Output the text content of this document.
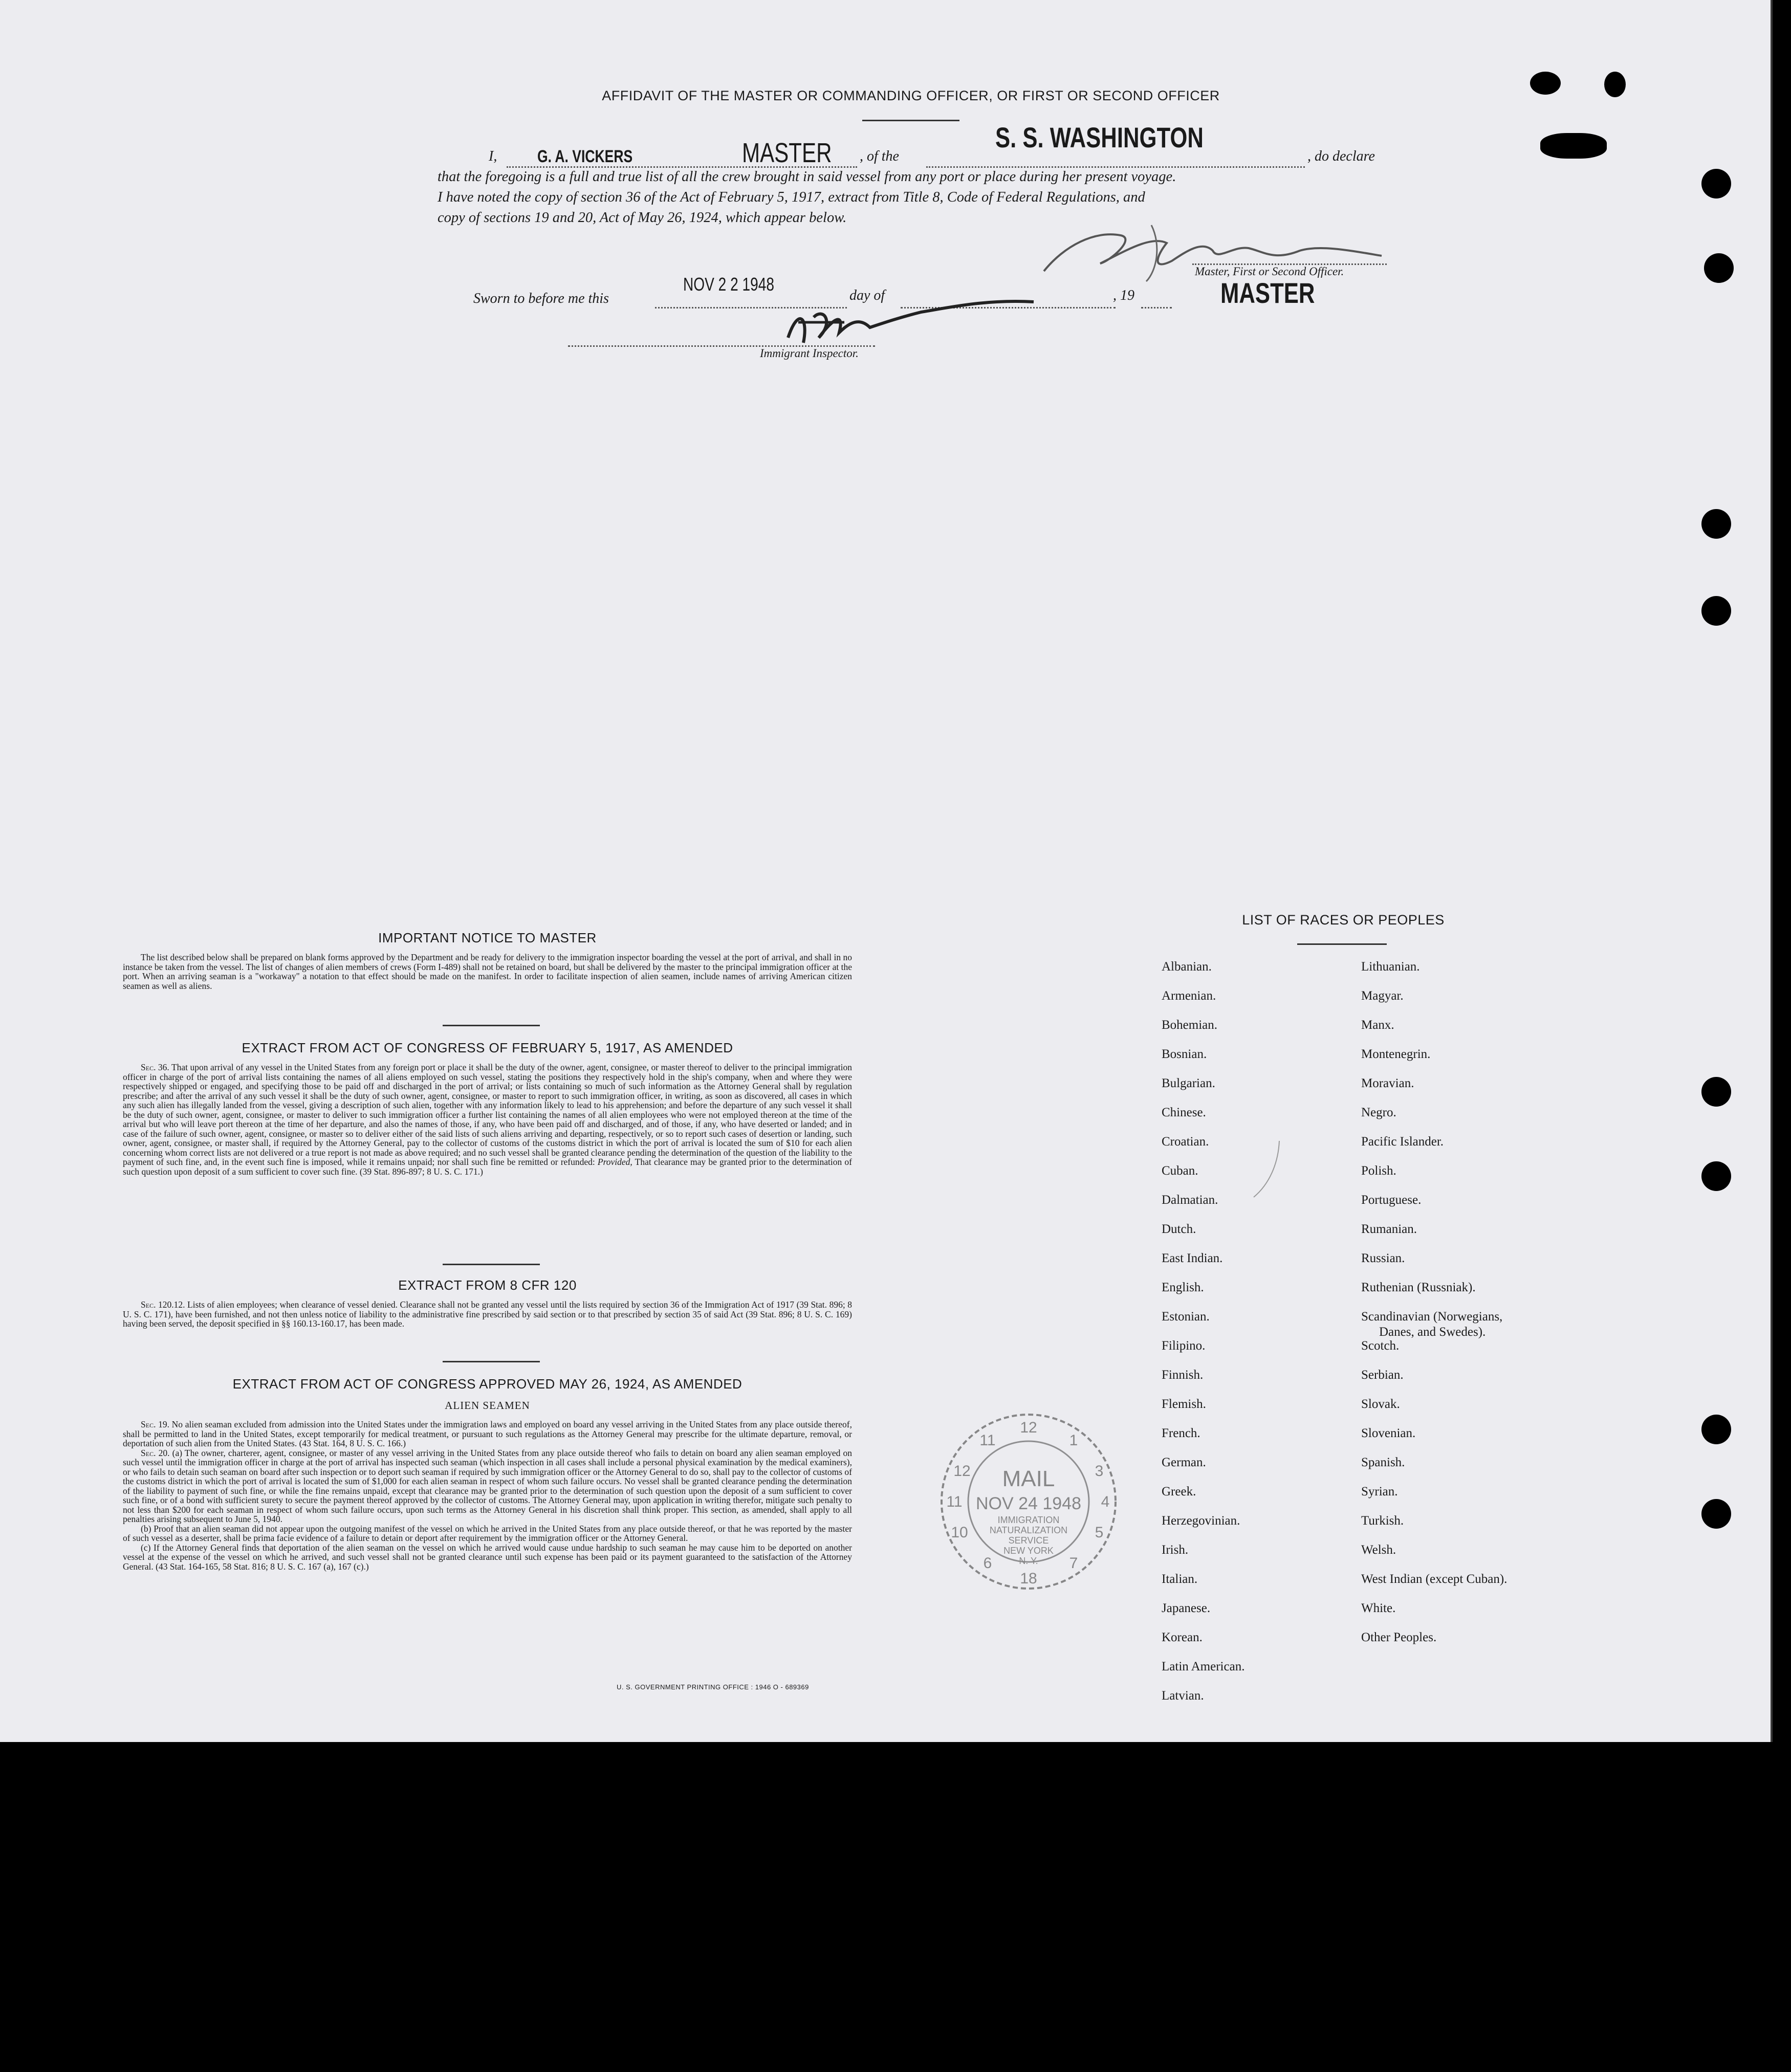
AFFIDAVIT OF THE MASTER OR COMMANDING OFFICER, OR FIRST OR SECOND OFFICER
I, G. A. VICKERS	MASTER , of the
S. S. WASHINGTON
, do declare
that the foregoing is a full and true list of all the crew brought in said vessel from any port or place during her present voyage.
I have noted the copy of section 36 of the Act of February 5, 1917, extract from Title 8, Code of Federal Regulations, and
copy of sections 19 and 20, Act of May 26, 1924, which appear below.
Master, First or Second Officer.
Sworn to before me this
NOV 2 2 1948
day of	, 19	MASTER
Immigrant Inspector.
IMPORTANT NOTICE TO MASTER

The list described below shall be prepared on blank forms approved by the Department and be ready for delivery to the immigration inspector boarding the vessel at the port of arrival, and shall in no instance be taken from the vessel. The list of changes of alien members of crews (Form I-489) shall not be retained on board, but shall be delivered by the master to the principal immigration officer at the port. When an arriving seaman is a "workaway" a notation to that effect should be made on the manifest. In order to facilitate inspection of alien seamen, include names of arriving American citizen seamen as well as aliens.

EXTRACT FROM ACT OF CONGRESS OF FEBRUARY 5, 1917, AS AMENDED

Sec. 36. That upon arrival of any vessel in the United States from any foreign port or place it shall be the duty of the owner, agent, consignee, or master thereof to deliver to the principal immigration officer in charge of the port of arrival lists containing the names of all aliens employed on such vessel, stating the positions they respectively hold in the ship's company, when and where they were respectively shipped or engaged, and specifying those to be paid off and discharged in the port of arrival; or lists containing so much of such information as the Attorney General shall by regulation prescribe; and after the arrival of any such vessel it shall be the duty of such owner, agent, consignee, or master to report to such immigration officer, in writing, as soon as discovered, all cases in which any such alien has illegally landed from the vessel, giving a description of such alien, together with any information likely to lead to his apprehension; and before the departure of any such vessel it shall be the duty of such owner, agent, consignee, or master to deliver to such immigration officer a further list containing the names of all alien employees who were not employed thereon at the time of the arrival but who will leave port thereon at the time of her departure, and also the names of those, if any, who have been paid off and discharged, and of those, if any, who have deserted or landed; and in case of the failure of such owner, agent, consignee, or master so to deliver either of the said lists of such aliens arriving and departing, respectively, or so to report such cases of desertion or landing, such owner, agent, consignee, or master shall, if required by the Attorney General, pay to the collector of customs of the customs district in which the port of arrival is located the sum of $10 for each alien concerning whom correct lists are not delivered or a true report is not made as above required; and no such vessel shall be granted clearance pending the determination of the question of the liability to the payment of such fine, and, in the event such fine is imposed, while it remains unpaid; nor shall such fine be remitted or refunded: Provided, That clearance may be granted prior to the determination of such question upon deposit of a sum sufficient to cover such fine. (39 Stat. 896-897; 8 U. S. C. 171.)

EXTRACT FROM 8 CFR 120

Sec. 120.12. Lists of alien employees; when clearance of vessel denied. Clearance shall not be granted any vessel until the lists required by section 36 of the Immigration Act of 1917 (39 Stat. 896; 8 U. S. C. 171), have been furnished, and not then unless notice of liability to the administrative fine prescribed by said section or to that prescribed by section 35 of said Act (39 Stat. 896; 8 U. S. C. 169) having been served, the deposit specified in §§ 160.13-160.17, has been made.

EXTRACT FROM ACT OF CONGRESS APPROVED MAY 26, 1924, AS AMENDED
ALIEN SEAMEN

Sec. 19. No alien seaman excluded from admission into the United States under the immigration laws and employed on board any vessel arriving in the United States from any place outside thereof, shall be permitted to land in the United States, except temporarily for medical treatment, or pursuant to such regulations as the Attorney General may prescribe for the ultimate departure, removal, or deportation of such alien from the United States. (43 Stat. 164, 8 U. S. C. 166.)

Sec. 20. (a) The owner, charterer, agent, consignee, or master of any vessel arriving in the United States from any place outside thereof who fails to detain on board any alien seaman employed on such vessel until the immigration officer in charge at the port of arrival has inspected such seaman (which inspection in all cases shall include a personal physical examination by the medical examiners), or who fails to detain such seaman on board after such inspection or to deport such seaman if required by such immigration officer or the Attorney General to do so, shall pay to the collector of customs of the customs district in which the port of arrival is located the sum of $1,000 for each alien seaman in respect of whom such failure occurs. No vessel shall be granted clearance pending the determination of the liability to payment of such fine, or while the fine remains unpaid, except that clearance may be granted prior to the determination of such question upon the deposit of a sum sufficient to cover such fine, or of a bond with sufficient surety to secure the payment thereof approved by the collector of customs. The Attorney General may, upon application in writing therefor, mitigate such penalty to not less than $200 for each seaman in respect of whom such failure occurs, upon such terms as the Attorney General in his discretion shall think proper. This section, as amended, shall apply to all penalties arising subsequent to June 5, 1940.

(b) Proof that an alien seaman did not appear upon the outgoing manifest of the vessel on which he arrived in the United States from any place outside thereof, or that he was reported by the master of such vessel as a deserter, shall be prima facie evidence of a failure to detain or deport after requirement by the immigration officer or the Attorney General.

(c) If the Attorney General finds that deportation of the alien seaman on the vessel on which he arrived would cause undue hardship to such seaman he may cause him to be deported on another vessel at the expense of the vessel on which he arrived, and such vessel shall not be granted clearance until such expense has been paid or its payment guaranteed to the satisfaction of the Attorney General. (43 Stat. 164-165, 58 Stat. 816; 8 U. S. C. 167 (a), 167 (c).)

U. S. GOVERNMENT PRINTING OFFICE : 1946 O - 689369
LIST OF RACES OR PEOPLES
Albanian.
Armenian.
Bohemian.
Bosnian.
Bulgarian.
Chinese.
Croatian.
Cuban.
Dalmatian.
Dutch.
East Indian.
English.
Estonian.
Filipino.
Finnish.
Flemish.
French.
German.
Greek.
Herzegovinian.
Irish.
Italian.
Japanese.
Korean.
Latin American.
Latvian.
Lithuanian.
Magyar.
Manx.
Montenegrin.
Moravian.
Negro.
Pacific Islander.
Polish.
Portuguese.
Rumanian.
Russian.
Ruthenian (Russniak).
Scandinavian (Norwegians,
Danes, and Swedes).
Scotch.
Serbian.
Slovak.
Slovenian.
Spanish.
Syrian.
Turkish.
Welsh.
West Indian (except Cuban).
White.
Other Peoples.
12
1
3
4
5
7
18
6
10
11
12
11
MAIL
NOV 24 1948
IMMIGRATION
NATURALIZATION
SERVICE
NEW YORK
N. Y.
